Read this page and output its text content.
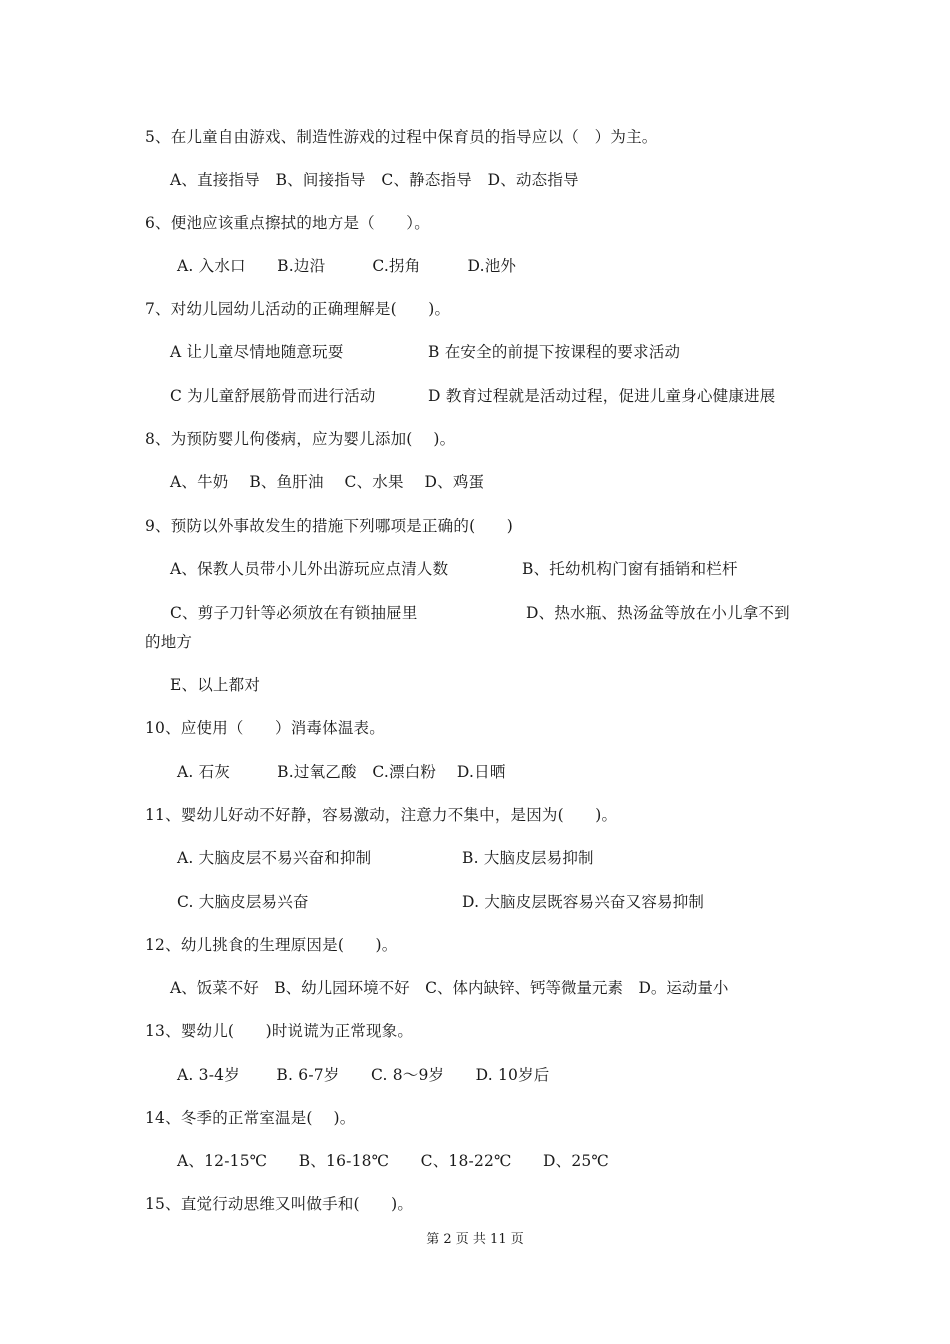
5、在儿童自由游戏、制造性游戏的过程中保育员的指导应以（　）为主。
A、直接指导　B、间接指导　C、静态指导　D、动态指导
6、便池应该重点擦拭的地方是（　　）。
A. 入水口　　B.边沿　　　C.拐角　　　D.池外
7、对幼儿园幼儿活动的正确理解是(　　)。
A 让儿童尽情地随意玩耍	B 在安全的前提下按课程的要求活动
C 为儿童舒展筋骨而进行活动	D 教育过程就是活动过程，促进儿童身心健康进展
8、为预防婴儿佝偻病，应为婴儿添加(　 )。
A、牛奶　 B、鱼肝油　 C、水果　 D、鸡蛋
9、预防以外事故发生的措施下列哪项是正确的(　　)
A、保教人员带小儿外出游玩应点清人数	B、托幼机构门窗有插销和栏杆
C、剪子刀针等必须放在有锁抽屉里	D、热水瓶、热汤盆等放在小儿拿不到
的地方
E、以上都对
10、应使用（　　）消毒体温表。
A. 石灰　　　B.过氧乙酸　C.漂白粉　 D.日晒
11、婴幼儿好动不好静，容易激动，注意力不集中，是因为(　　)。
A. 大脑皮层不易兴奋和抑制	B. 大脑皮层易抑制
C. 大脑皮层易兴奋	D. 大脑皮层既容易兴奋又容易抑制
12、幼儿挑食的生理原因是(　　)。
A、饭菜不好　B、幼儿园环境不好　C、体内缺锌、钙等微量元素　D。运动量小
13、婴幼儿(　　)时说谎为正常现象。
A. 3-4岁　　 B. 6-7岁　　C. 8～9岁　　D. 10岁后
14、冬季的正常室温是(　 )。
A、12-15℃　　B、16-18℃　　C、18-22℃　　D、25℃
15、直觉行动思维又叫做手和(　　)。
第 2 页 共 11 页
